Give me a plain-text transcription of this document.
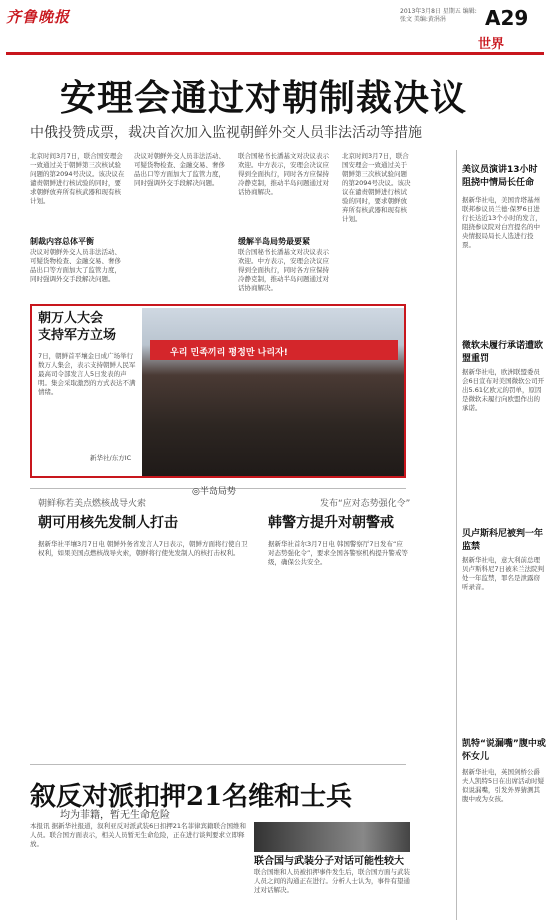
齐鲁晚报	2013年3月8日 星期五 编辑:张文 美编:黄涓涓	A29
世界
安理会通过对朝制裁决议
中俄投赞成票，裁决首次加入监视朝鲜外交人员非法活动等措施
北京时间3月7日，联合国安理会一致通过关于朝鲜第三次核试验问题的第2094号决议。该决议在谴责朝鲜进行核试验的同时，要求朝鲜放弃所有核武器和现有核计划。
制裁内容总体平衡
决议对朝鲜外交人员非法活动、可疑货物检查、金融交易、奢侈品出口等方面加大了监管力度，同时强调外交手段解决问题。
决议对朝鲜外交人员非法活动、可疑货物检查、金融交易、奢侈品出口等方面加大了监管力度，同时强调外交手段解决问题。
联合国秘书长潘基文对决议表示欢迎。中方表示，安理会决议应得到全面执行，同时各方应保持冷静克制，推动半岛问题通过对话协商解决。
缓解半岛局势最要紧
联合国秘书长潘基文对决议表示欢迎。中方表示，安理会决议应得到全面执行，同时各方应保持冷静克制，推动半岛问题通过对话协商解决。
北京时间3月7日，联合国安理会一致通过关于朝鲜第三次核试验问题的第2094号决议。该决议在谴责朝鲜进行核试验的同时，要求朝鲜放弃所有核武器和现有核计划。
우리 민족끼리 평정만 나리자!
朝万人大会
支持军方立场
7日，朝鲜首平壤金日成广场举行数万人集会，表示支持朝鲜人民军最高司令部发言人5日发表的声明。集会采取激烈的方式表达不满情绪。
新华社/东方IC
◎半岛局势
朝鲜称若美点燃核战导火索	发布“应对态势强化令”
朝可用核先发制人打击	韩警方提升对朝警戒
据新华社平壤3月7日电 朝鲜外务省发言人7日表示，朝鲜方面将行使自卫权利，如果美国点燃核战导火索，朝鲜将行使先发制人的核打击权利。
据新华社首尔3月7日电 韩国警察厅7日发布“应对态势强化令”，要求全国各警察机构提升警戒等级，确保公共安全。
叙反对派扣押21名维和士兵
均为菲籍，暂无生命危险
本报讯 据新华社报道，叙利亚反对派武装6日扣押21名菲律宾籍联合国维和人员。联合国方面表示，相关人员暂无生命危险，正在进行谈判要求立即释放。
联合国与武装分子对话可能性较大
联合国维和人员被扣押事件发生后，联合国方面与武装人员之间的沟通正在进行。分析人士认为，事件有望通过对话解决。
美议员演讲13小时阻挠中情局长任命
据新华社电，美国肯塔基州联邦参议员兰德·保罗6日进行长达近13个小时的发言，阻挠参议院对白宫提名的中央情报局局长人选进行投票。
微软未履行承诺遭欧盟重罚
据新华社电，欧洲联盟委员会6日宣布对美国微软公司开出5.61亿欧元的罚单，原因是微软未履行向欧盟作出的承诺。
贝卢斯科尼被判一年监禁
据新华社电，意大利前总理贝卢斯科尼7日被米兰法院判处一年监禁，罪名是泄露窃听录音。
凯特“说漏嘴”腹中或怀女儿
据新华社电，英国剑桥公爵夫人凯特5日在出席活动时疑似说漏嘴，引发外界猜测其腹中或为女孩。
